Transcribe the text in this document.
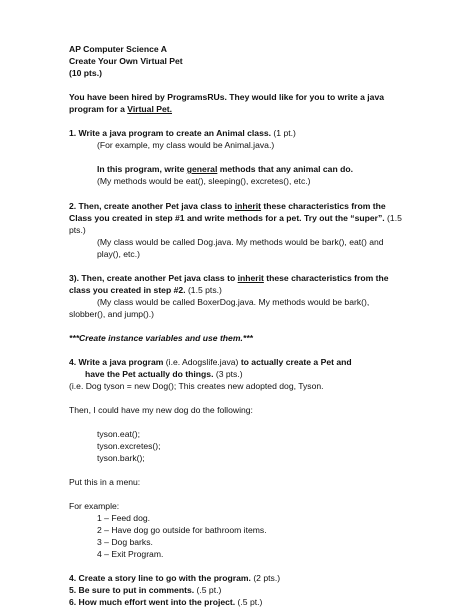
AP Computer Science A
Create Your Own Virtual Pet
(10 pts.)
You have been hired by ProgramsRUs. They would like for you to write a java
program for a Virtual Pet.
1. Write a java program to create an Animal class. (1 pt.)
(For example, my class would be Animal.java.)
In this program, write general methods that any animal can do.
(My methods would be eat(), sleeping(), excretes(), etc.)
2. Then, create another Pet java class to inherit these characteristics from the
Class you created in step #1 and write methods for a pet. Try out the “super”. (1.5
pts.)
(My class would be called Dog.java. My methods would be bark(), eat() and
play(), etc.)
3). Then, create another Pet java class to inherit these characteristics from the
class you created in step #2. (1.5 pts.)
(My class would be called BoxerDog.java. My methods would be bark(),
slobber(), and jump().)
***Create instance variables and use them.***
4. Write a java program (i.e. Adogslife.java) to actually create a Pet and
have the Pet actually do things. (3 pts.)
(i.e. Dog tyson = new Dog(); This creates new adopted dog, Tyson.
Then, I could have my new dog do the following:
tyson.eat();
tyson.excretes();
tyson.bark();
Put this in a menu:
For example:
1 – Feed dog.
2 – Have dog go outside for bathroom items.
3 – Dog barks.
4 – Exit Program.
4. Create a story line to go with the program. (2 pts.)
5. Be sure to put in comments. (.5 pt.)
6. How much effort went into the project. (.5 pt.)
